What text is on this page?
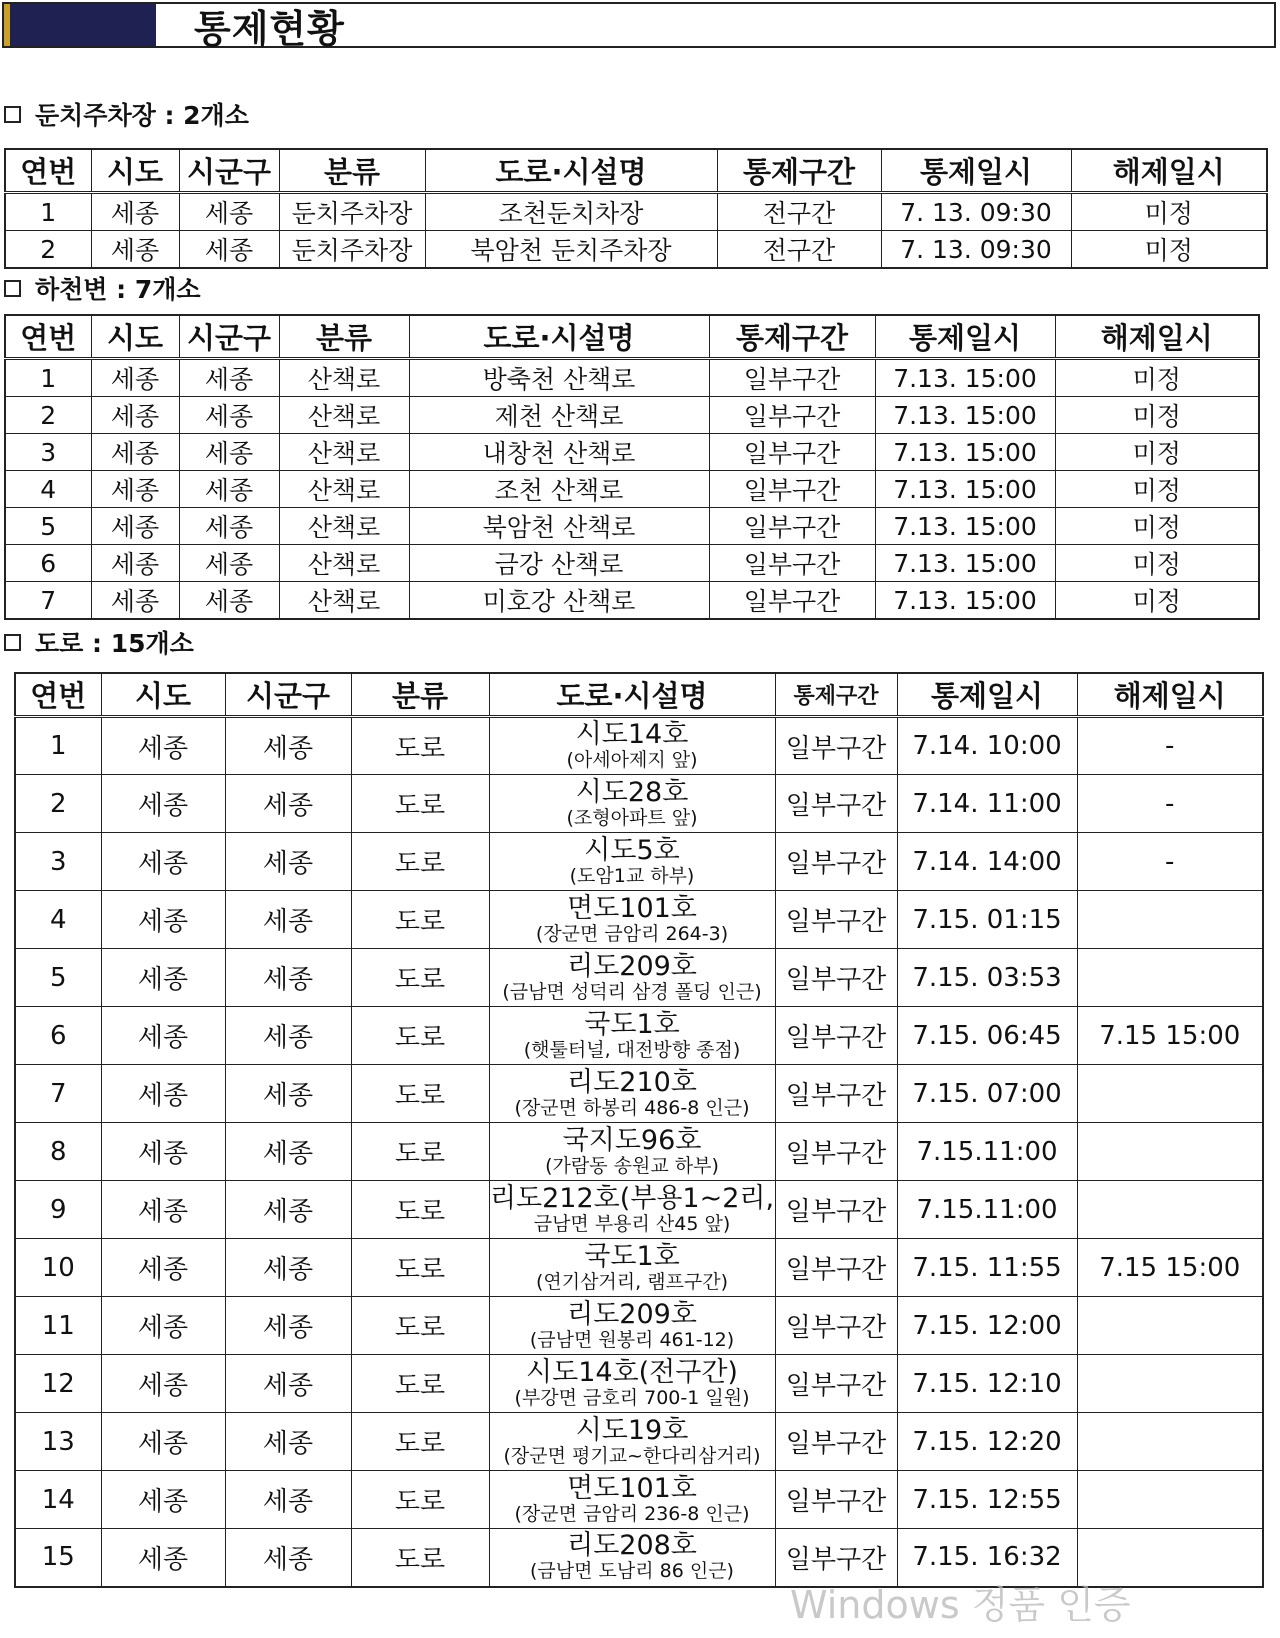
통제현황
둔치주차장 : 2개소
연번	시도	시군구	분류	도로·시설명	통제구간	통제일시	해제일시
1	세종	세종	둔치주차장	조천둔치차장	전구간	7. 13. 09:30	미정
2	세종	세종	둔치주차장	북암천 둔치주차장	전구간	7. 13. 09:30	미정
하천변 : 7개소
연번	시도	시군구	분류	도로·시설명	통제구간	통제일시	해제일시
1	세종	세종	산책로	방축천 산책로	일부구간	7.13. 15:00	미정
2	세종	세종	산책로	제천 산책로	일부구간	7.13. 15:00	미정
3	세종	세종	산책로	내창천 산책로	일부구간	7.13. 15:00	미정
4	세종	세종	산책로	조천 산책로	일부구간	7.13. 15:00	미정
5	세종	세종	산책로	북암천 산책로	일부구간	7.13. 15:00	미정
6	세종	세종	산책로	금강 산책로	일부구간	7.13. 15:00	미정
7	세종	세종	산책로	미호강 산책로	일부구간	7.13. 15:00	미정
도로 : 15개소
연번	시도	시군구	분류	도로·시설명	통제구간	통제일시	해제일시
1	세종	세종	도로	시도14호
(아세아제지 앞)	일부구간	7.14. 10:00	-
2	세종	세종	도로	시도28호
(조형아파트 앞)	일부구간	7.14. 11:00	-
3	세종	세종	도로	시도5호
(도암1교 하부)	일부구간	7.14. 14:00	-
4	세종	세종	도로	면도101호
(장군면 금암리 264-3)	일부구간	7.15. 01:15	
5	세종	세종	도로	리도209호
(금남면 성덕리 삼경 폴딩 인근)	일부구간	7.15. 03:53	
6	세종	세종	도로	국도1호
(햇툴터널, 대전방향 종점)	일부구간	7.15. 06:45	7.15 15:00
7	세종	세종	도로	리도210호
(장군면 하봉리 486-8 인근)	일부구간	7.15. 07:00	
8	세종	세종	도로	국지도96호
(가람동 송원교 하부)	일부구간	7.15.11:00	
9	세종	세종	도로	리도212호(부용1~2리,
금남면 부용리 산45 앞)	일부구간	7.15.11:00	
10	세종	세종	도로	국도1호
(연기삼거리, 램프구간)	일부구간	7.15. 11:55	7.15 15:00
11	세종	세종	도로	리도209호
(금남면 원봉리 461-12)	일부구간	7.15. 12:00	
12	세종	세종	도로	시도14호(전구간)
(부강면 금호리 700-1 일원)	일부구간	7.15. 12:10	
13	세종	세종	도로	시도19호
(장군면 평기교~한다리삼거리)	일부구간	7.15. 12:20	
14	세종	세종	도로	면도101호
(장군면 금암리 236-8 인근)	일부구간	7.15. 12:55	
15	세종	세종	도로	리도208호
(금남면 도남리 86 인근)	일부구간	7.15. 16:32	
Windows 정품 인증
